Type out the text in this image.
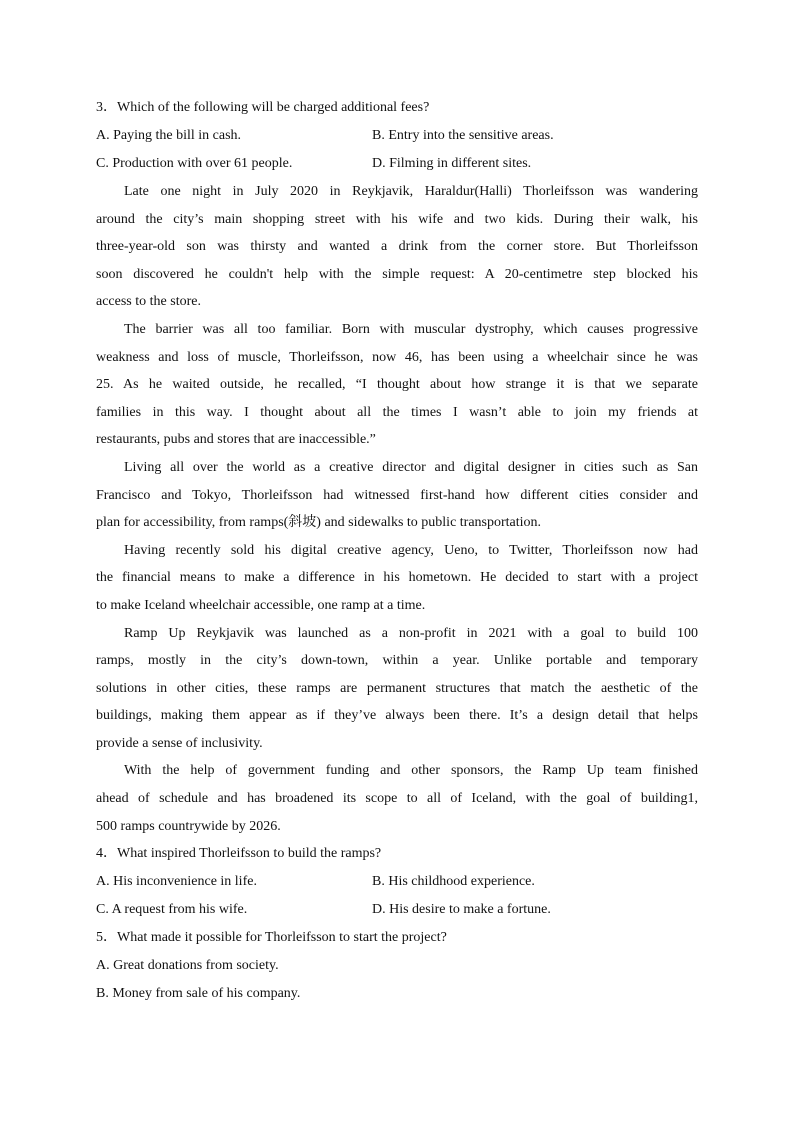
3．Which of the following will be charged additional fees?
A. Paying the bill in cash.	B. Entry into the sensitive areas.
C. Production with over 61 people.	D. Filming in different sites.
Late one night in July 2020 in Reykjavik, Haraldur(Halli) Thorleifsson was wandering
around the city’s main shopping street with his wife and two kids. During their walk, his
three-year-old son was thirsty and wanted a drink from the corner store. But Thorleifsson
soon discovered he couldn't help with the simple request: A 20-centimetre step blocked his
access to the store.
The barrier was all too familiar. Born with muscular dystrophy, which causes progressive
weakness and loss of muscle, Thorleifsson, now 46, has been using a wheelchair since he was
25. As he waited outside, he recalled, “I thought about how strange it is that we separate
families in this way. I thought about all the times I wasn’t able to join my friends at
restaurants, pubs and stores that are inaccessible.”
Living all over the world as a creative director and digital designer in cities such as San
Francisco and Tokyo, Thorleifsson had witnessed first-hand how different cities consider and
plan for accessibility, from ramps(斜坡) and sidewalks to public transportation.
Having recently sold his digital creative agency, Ueno, to Twitter, Thorleifsson now had
the financial means to make a difference in his hometown. He decided to start with a project
to make Iceland wheelchair accessible, one ramp at a time.
Ramp Up Reykjavik was launched as a non-profit in 2021 with a goal to build 100
ramps, mostly in the city’s down-town, within a year. Unlike portable and temporary
solutions in other cities, these ramps are permanent structures that match the aesthetic of the
buildings, making them appear as if they’ve always been there. It’s a design detail that helps
provide a sense of inclusivity.
With the help of government funding and other sponsors, the Ramp Up team finished
ahead of schedule and has broadened its scope to all of Iceland, with the goal of building1,
500 ramps countrywide by 2026.
4．What inspired Thorleifsson to build the ramps?
A. His inconvenience in life.	B. His childhood experience.
C. A request from his wife.	D. His desire to make a fortune.
5．What made it possible for Thorleifsson to start the project?
A. Great donations from society.
B. Money from sale of his company.
